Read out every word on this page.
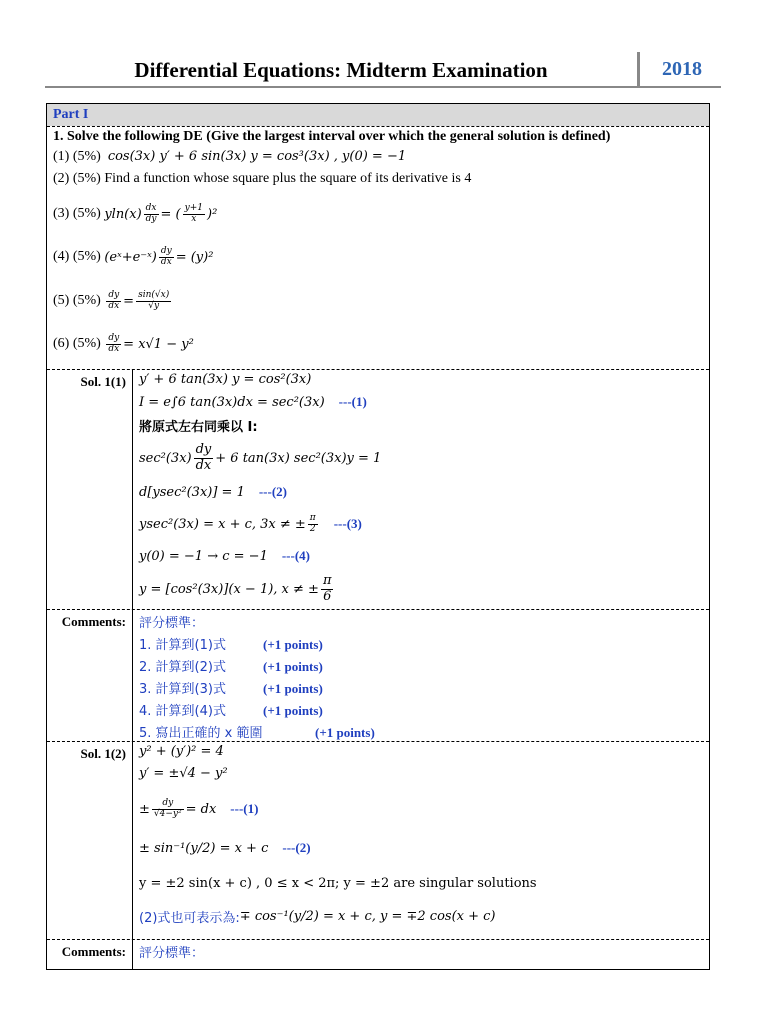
Differential Equations: Midterm Examination	2018
Part I
1. Solve the following DE (Give the largest interval over which the general solution is defined)
(1) (5%) cos(3x) y′ + 6 sin(3x) y = cos³(3x) , y(0) = −1
(2) (5%) Find a function whose square plus the square of its derivative is 4
(3) (5%)
$yln(x) \frac{dx}{dy}$ = ( $\frac{y+1}{x} )^2$
(4) (5%)
(eˣ+e⁻ˣ) $\frac{dy}{dx} = (y)^2$
(5) (5%)
$\frac{dy}{dx} = \frac{\sin(√x)}{√y}$
(6) (5%)
$\frac{dy}{dx} = x√1 - y^2$
Sol. 1(1)	y′ + 6 tan(3x) y = cos²(3x)
I = e∫6 tan(3x)dx = sec²(3x) ---(1)
將原式左右同乘以 I:
$\sec^2(3x) \frac{dy}{dx} + 6$ tan(3x) sec²(3x)y = 1
d[ysec²(3x)] = 1 ---(2)
ysec²(3x) = x + c, 3x ≠ ± $\frac{\pi}{2} ---(3)$
y(0) = −1 → c = −1 ---(4)
y = [cos²(3x)](x − 1), x ≠ ± $\frac{\pi}{6}$
Comments:	評分標準：
1. 計算到(1)式	(+1 points)
2. 計算到(2)式	(+1 points)
3. 計算到(3)式	(+1 points)
4. 計算到(4)式	(+1 points)
5. 寫出正確的 x 範圍	(+1 points)
Sol. 1(2)	y² + (y′)² = 4
y′ = ±√4 − y²
± $\frac{dy}{\text{√4−y²}}$ = dx ---(1)
± sin⁻¹(y/2) = x + c ---(2)
y = ±2 sin(x + c) , 0 ≤ x < 2π; y = ±2 are singular solutions
(2)式也可表示為: ∓ cos⁻¹(y/2) = x + c, y = ∓2 cos(x + c)
Comments:	評分標準：
